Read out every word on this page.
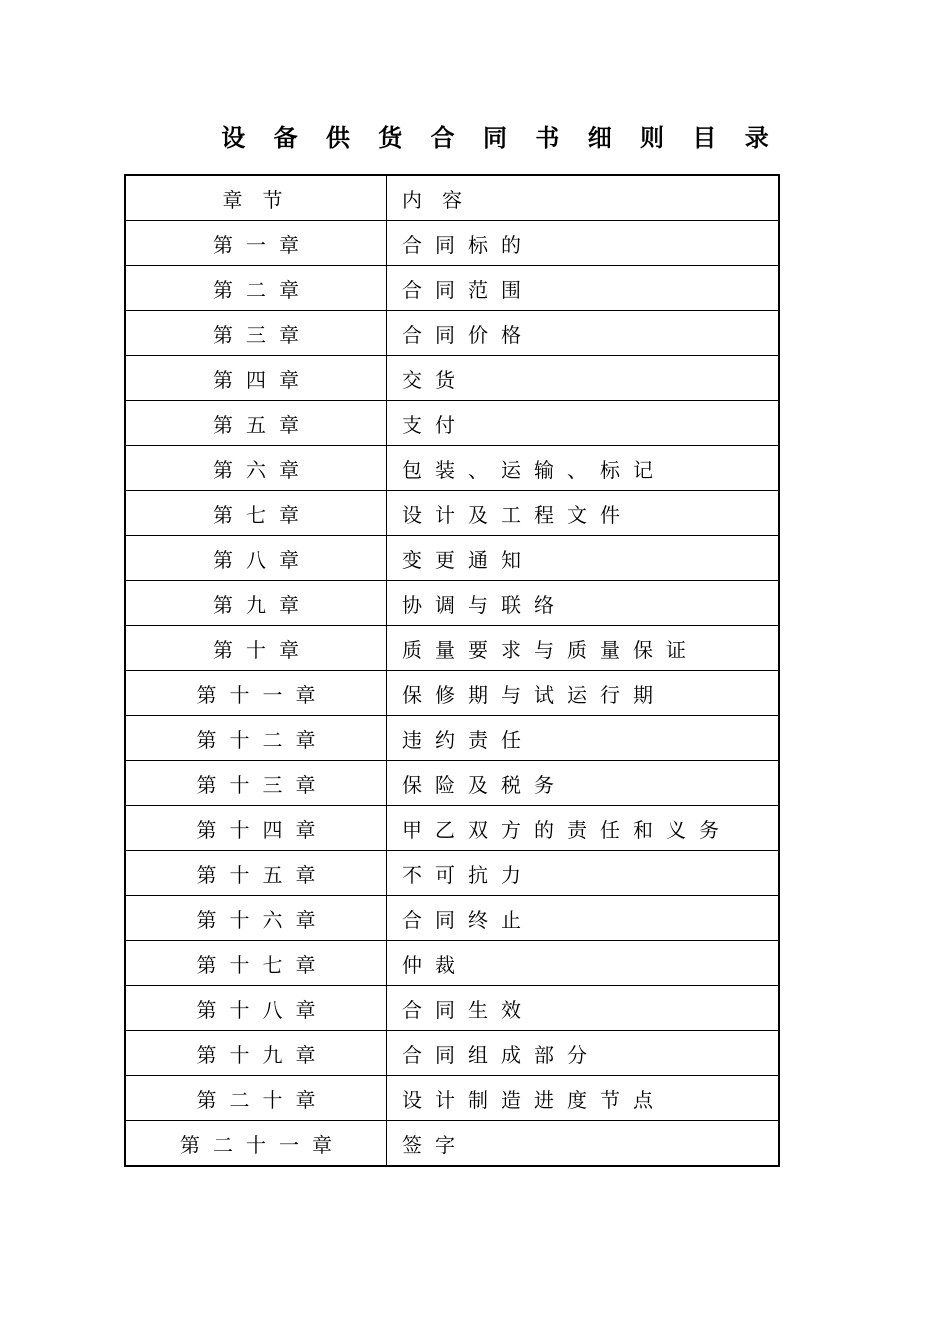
设 备 供 货 合 同 书 细 则 目 录
章节	内容
第一章	合同标的
第二章	合同范围
第三章	合同价格
第四章	交货
第五章	支付
第六章	包装、运输、标记
第七章	设计及工程文件
第八章	变更通知
第九章	协调与联络
第十章	质量要求与质量保证
第十一章	保修期与试运行期
第十二章	违约责任
第十三章	保险及税务
第十四章	甲乙双方的责任和义务
第十五章	不可抗力
第十六章	合同终止
第十七章	仲裁
第十八章	合同生效
第十九章	合同组成部分
第二十章	设计制造进度节点
第二十一章	签字
